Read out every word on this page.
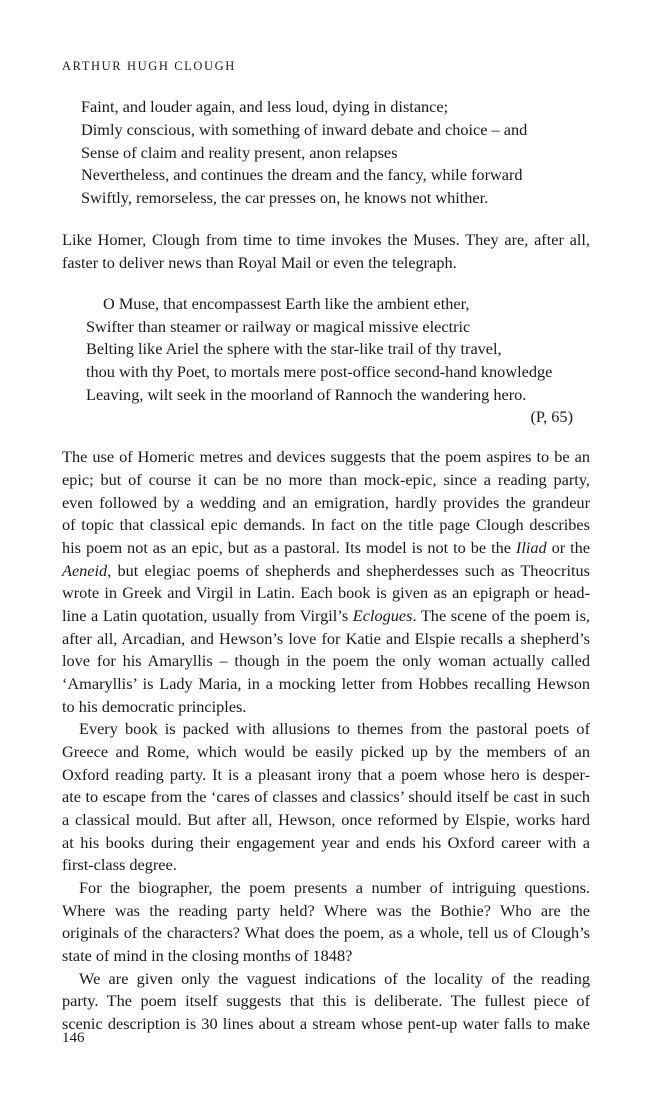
ARTHUR HUGH CLOUGH
Faint, and louder again, and less loud, dying in distance;
Dimly conscious, with something of inward debate and choice – and
Sense of claim and reality present, anon relapses
Nevertheless, and continues the dream and the fancy, while forward
Swiftly, remorseless, the car presses on, he knows not whither.
Like Homer, Clough from time to time invokes the Muses. They are, after all,
faster to deliver news than Royal Mail or even the telegraph.
O Muse, that encompassest Earth like the ambient ether,
Swifter than steamer or railway or magical missive electric
Belting like Ariel the sphere with the star-like trail of thy travel,
thou with thy Poet, to mortals mere post-office second-hand knowledge
Leaving, wilt seek in the moorland of Rannoch the wandering hero.
(P, 65)
The use of Homeric metres and devices suggests that the poem aspires to be an
epic; but of course it can be no more than mock-epic, since a reading party,
even followed by a wedding and an emigration, hardly provides the grandeur
of topic that classical epic demands. In fact on the title page Clough describes
his poem not as an epic, but as a pastoral. Its model is not to be the Iliad or the
Aeneid, but elegiac poems of shepherds and shepherdesses such as Theocritus
wrote in Greek and Virgil in Latin. Each book is given as an epigraph or head-
line a Latin quotation, usually from Virgil’s Eclogues. The scene of the poem is,
after all, Arcadian, and Hewson’s love for Katie and Elspie recalls a shepherd’s
love for his Amaryllis – though in the poem the only woman actually called
‘Amaryllis’ is Lady Maria, in a mocking letter from Hobbes recalling Hewson
to his democratic principles.
Every book is packed with allusions to themes from the pastoral poets of
Greece and Rome, which would be easily picked up by the members of an
Oxford reading party. It is a pleasant irony that a poem whose hero is desper-
ate to escape from the ‘cares of classes and classics’ should itself be cast in such
a classical mould. But after all, Hewson, once reformed by Elspie, works hard
at his books during their engagement year and ends his Oxford career with a
first-class degree.
For the biographer, the poem presents a number of intriguing questions.
Where was the reading party held? Where was the Bothie? Who are the
originals of the characters? What does the poem, as a whole, tell us of Clough’s
state of mind in the closing months of 1848?
We are given only the vaguest indications of the locality of the reading
party. The poem itself suggests that this is deliberate. The fullest piece of
scenic description is 30 lines about a stream whose pent-up water falls to make
146
